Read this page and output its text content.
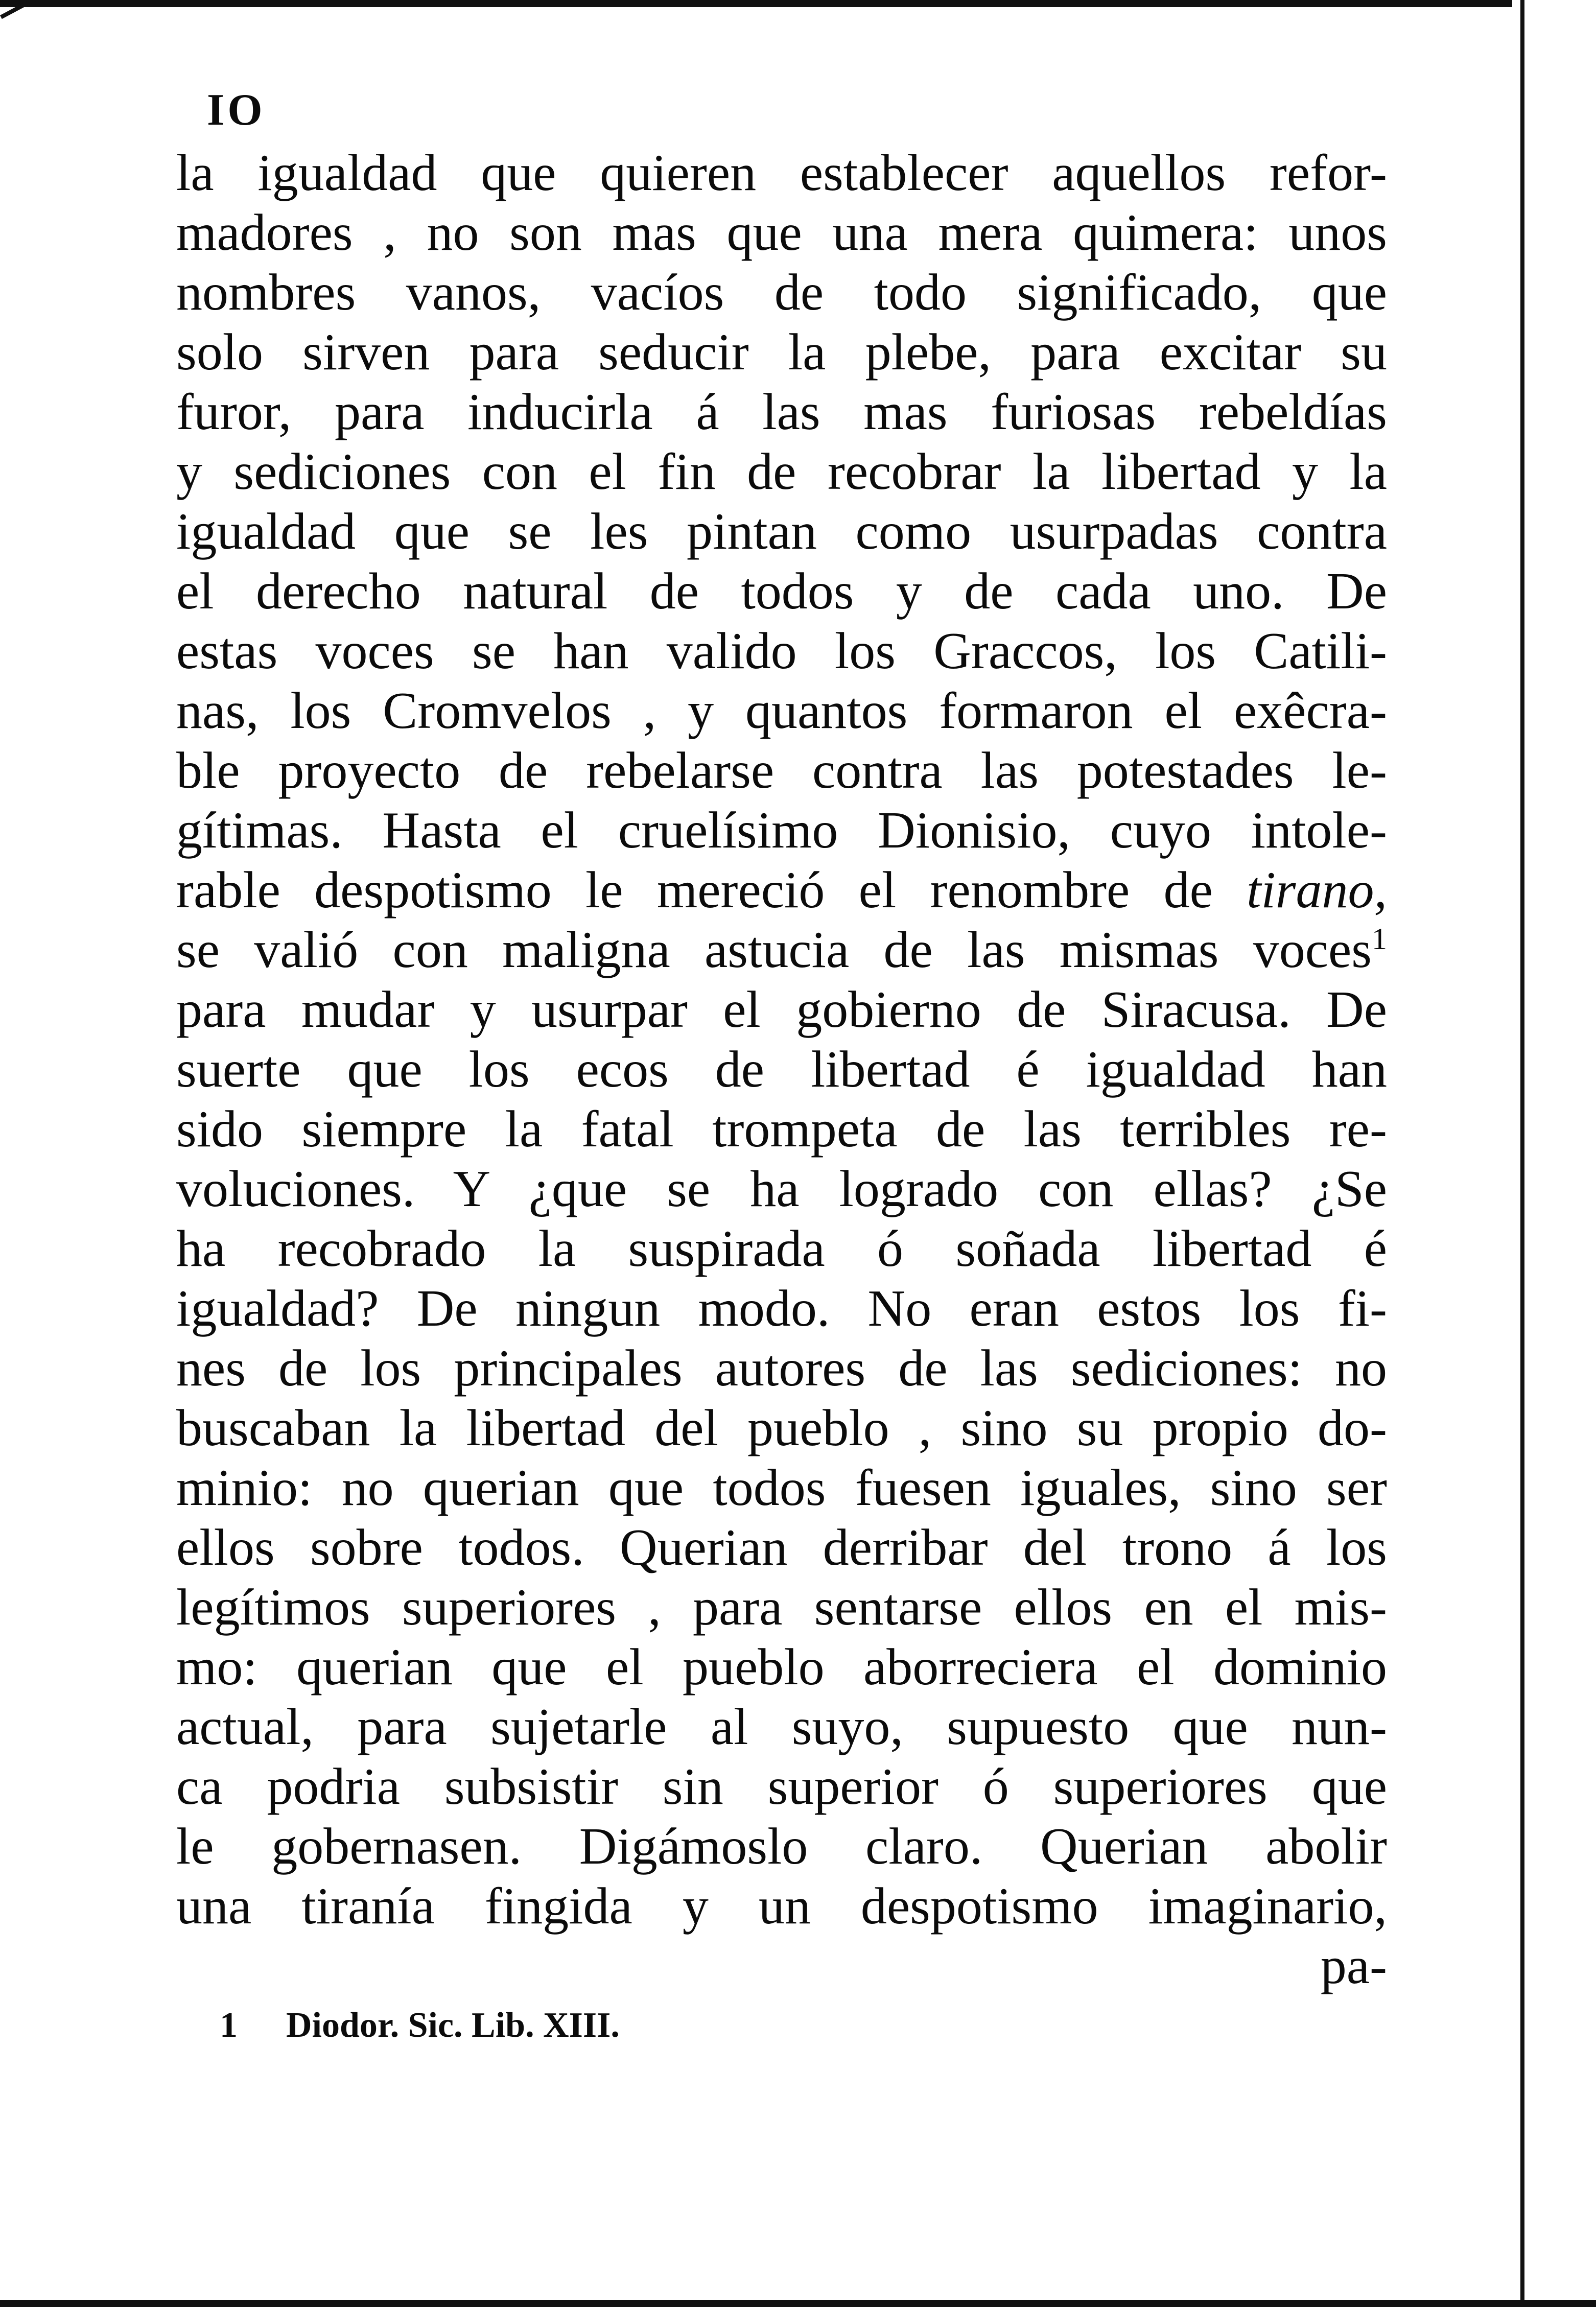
IO
la igualdad que quieren establecer aquellos refor-
madores , no son mas que una mera quimera: unos
nombres vanos, vacíos de todo significado, que
solo sirven para seducir la plebe, para excitar su
furor, para inducirla á las mas furiosas rebeldías
y sediciones con el fin de recobrar la libertad y la
igualdad que se les pintan como usurpadas contra
el derecho natural de todos y de cada uno. De
estas voces se han valido los Graccos, los Catili-
nas, los Cromvelos , y quantos formaron el exêcra-
ble proyecto de rebelarse contra las potestades le-
gítimas. Hasta el cruelísimo Dionisio, cuyo intole-
rable despotismo le mereció el renombre de tirano,
se valió con maligna astucia de las mismas voces$^1$
para mudar y usurpar el gobierno de Siracusa. De
suerte que los ecos de libertad é igualdad han
sido siempre la fatal trompeta de las terribles re-
voluciones. Y ¿que se ha logrado con ellas? ¿Se
ha recobrado la suspirada ó soñada libertad é
igualdad? De ningun modo. No eran estos los fi-
nes de los principales autores de las sediciones: no
buscaban la libertad del pueblo , sino su propio do-
minio: no querian que todos fuesen iguales, sino ser
ellos sobre todos. Querian derribar del trono á los
legítimos superiores , para sentarse ellos en el mis-
mo: querian que el pueblo aborreciera el dominio
actual, para sujetarle al suyo, supuesto que nun-
ca podria subsistir sin superior ó superiores que
le gobernasen. Digámoslo claro. Querian abolir
una tiranía fingida y un despotismo imaginario,
pa-
1 Diodor. Sic. Lib. XIII.
